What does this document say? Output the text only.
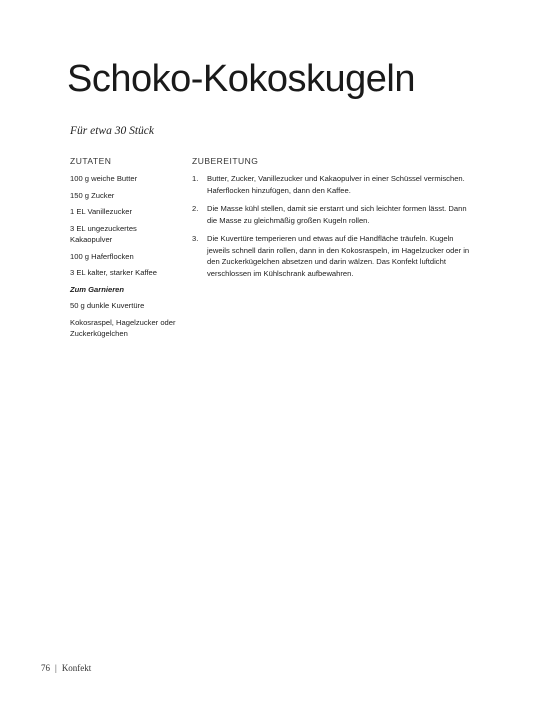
Schoko-Kokoskugeln

Für etwa 30 Stück

ZUTATEN
100 g weiche Butter
150 g Zucker
1 EL Vanillezucker
3 EL ungezuckertes Kakaopulver
100 g Haferflocken
3 EL kalter, starker Kaffee
Zum Garnieren
50 g dunkle Kuvertüre
Kokosraspel, Hagelzucker oder Zuckerkügelchen
ZUBEREITUNG
1. Butter, Zucker, Vanillezucker und Kakaopulver in einer Schüssel vermischen. Haferflocken hinzufügen, dann den Kaffee.
2. Die Masse kühl stellen, damit sie erstarrt und sich leichter formen lässt. Dann die Masse zu gleichmäßig großen Kugeln rollen.
3. Die Kuvertüre temperieren und etwas auf die Handfläche träufeln. Kugeln jeweils schnell darin rollen, dann in den Kokosraspeln, im Hagelzucker oder in den Zuckerkügelchen absetzen und darin wälzen. Das Konfekt luftdicht verschlossen im Kühlschrank aufbewahren.
76 | Konfekt
